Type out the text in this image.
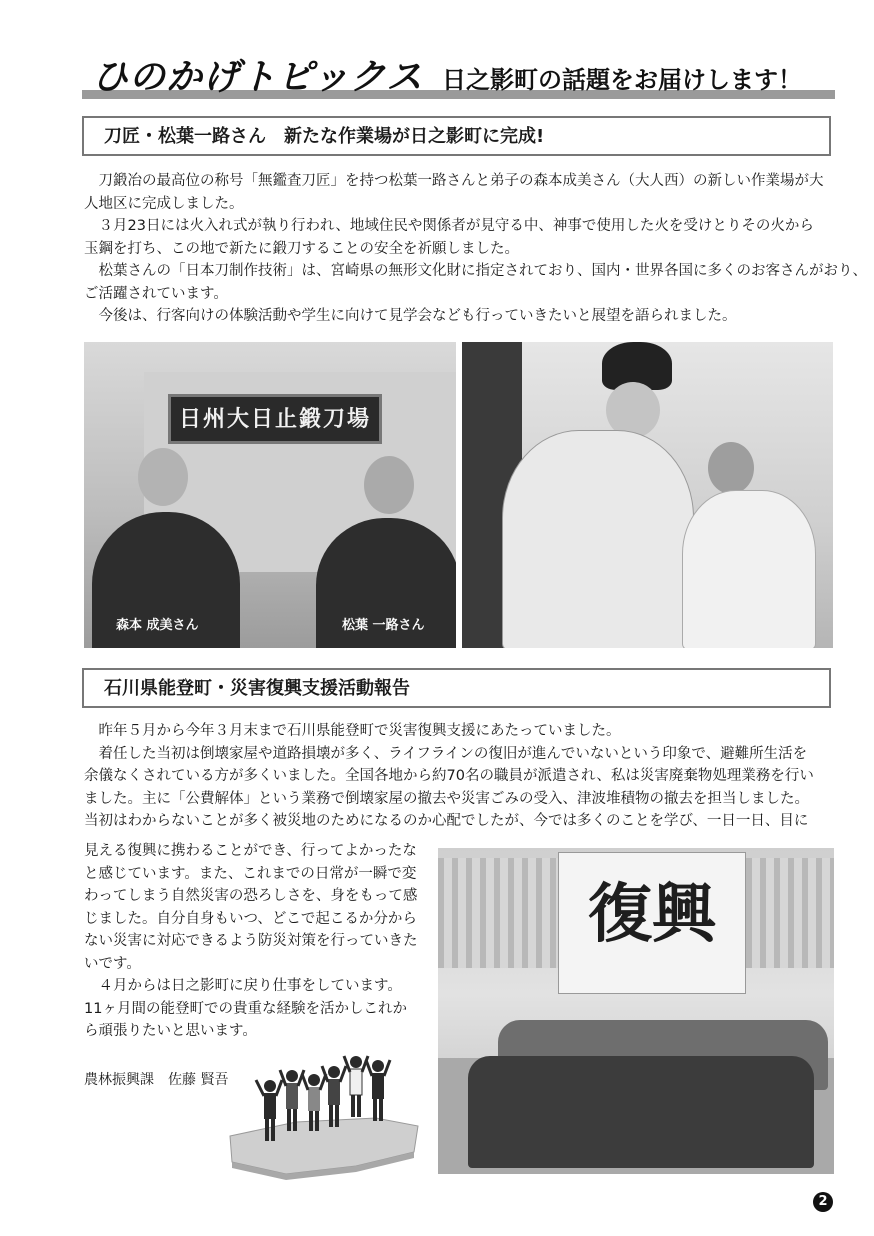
ひのかげトピックス 日之影町の話題をお届けします！
刀匠・松葉一路さん　新たな作業場が日之影町に完成!

　刀鍛冶の最高位の称号「無鑑査刀匠」を持つ松葉一路さんと弟子の森本成美さん（大人西）の新しい作業場が大

人地区に完成しました。

　３月23日には火入れ式が執り行われ、地域住民や関係者が見守る中、神事で使用した火を受けとりその火から

玉鋼を打ち、この地で新たに鍛刀することの安全を祈願しました。

　松葉さんの「日本刀制作技術」は、宮崎県の無形文化財に指定されており、国内・世界各国に多くのお客さんがおり、

ご活躍されています。

　今後は、行客向けの体験活動や学生に向けて見学会なども行っていきたいと展望を語られました。

日州大日止鍛刀場
森本 成美さん	松葉 一路さん
石川県能登町・災害復興支援活動報告

　昨年５月から今年３月末まで石川県能登町で災害復興支援にあたっていました。

　着任した当初は倒壊家屋や道路損壊が多く、ライフラインの復旧が進んでいないという印象で、避難所生活を

余儀なくされている方が多くいました。全国各地から約70名の職員が派遣され、私は災害廃棄物処理業務を行い

ました。主に「公費解体」という業務で倒壊家屋の撤去や災害ごみの受入、津波堆積物の撤去を担当しました。

当初はわからないことが多く被災地のためになるのか心配でしたが、今では多くのことを学び、一日一日、目に

見える復興に携わることができ、行ってよかったな

と感じています。また、これまでの日常が一瞬で変

わってしまう自然災害の恐ろしさを、身をもって感

じました。自分自身もいつ、どこで起こるか分から

ない災害に対応できるよう防災対策を行っていきた

いです。

　４月からは日之影町に戻り仕事をしています。

11ヶ月間の能登町での貴重な経験を活かしこれか

ら頑張りたいと思います。

農林振興課　佐藤 賢吾
復興
2
